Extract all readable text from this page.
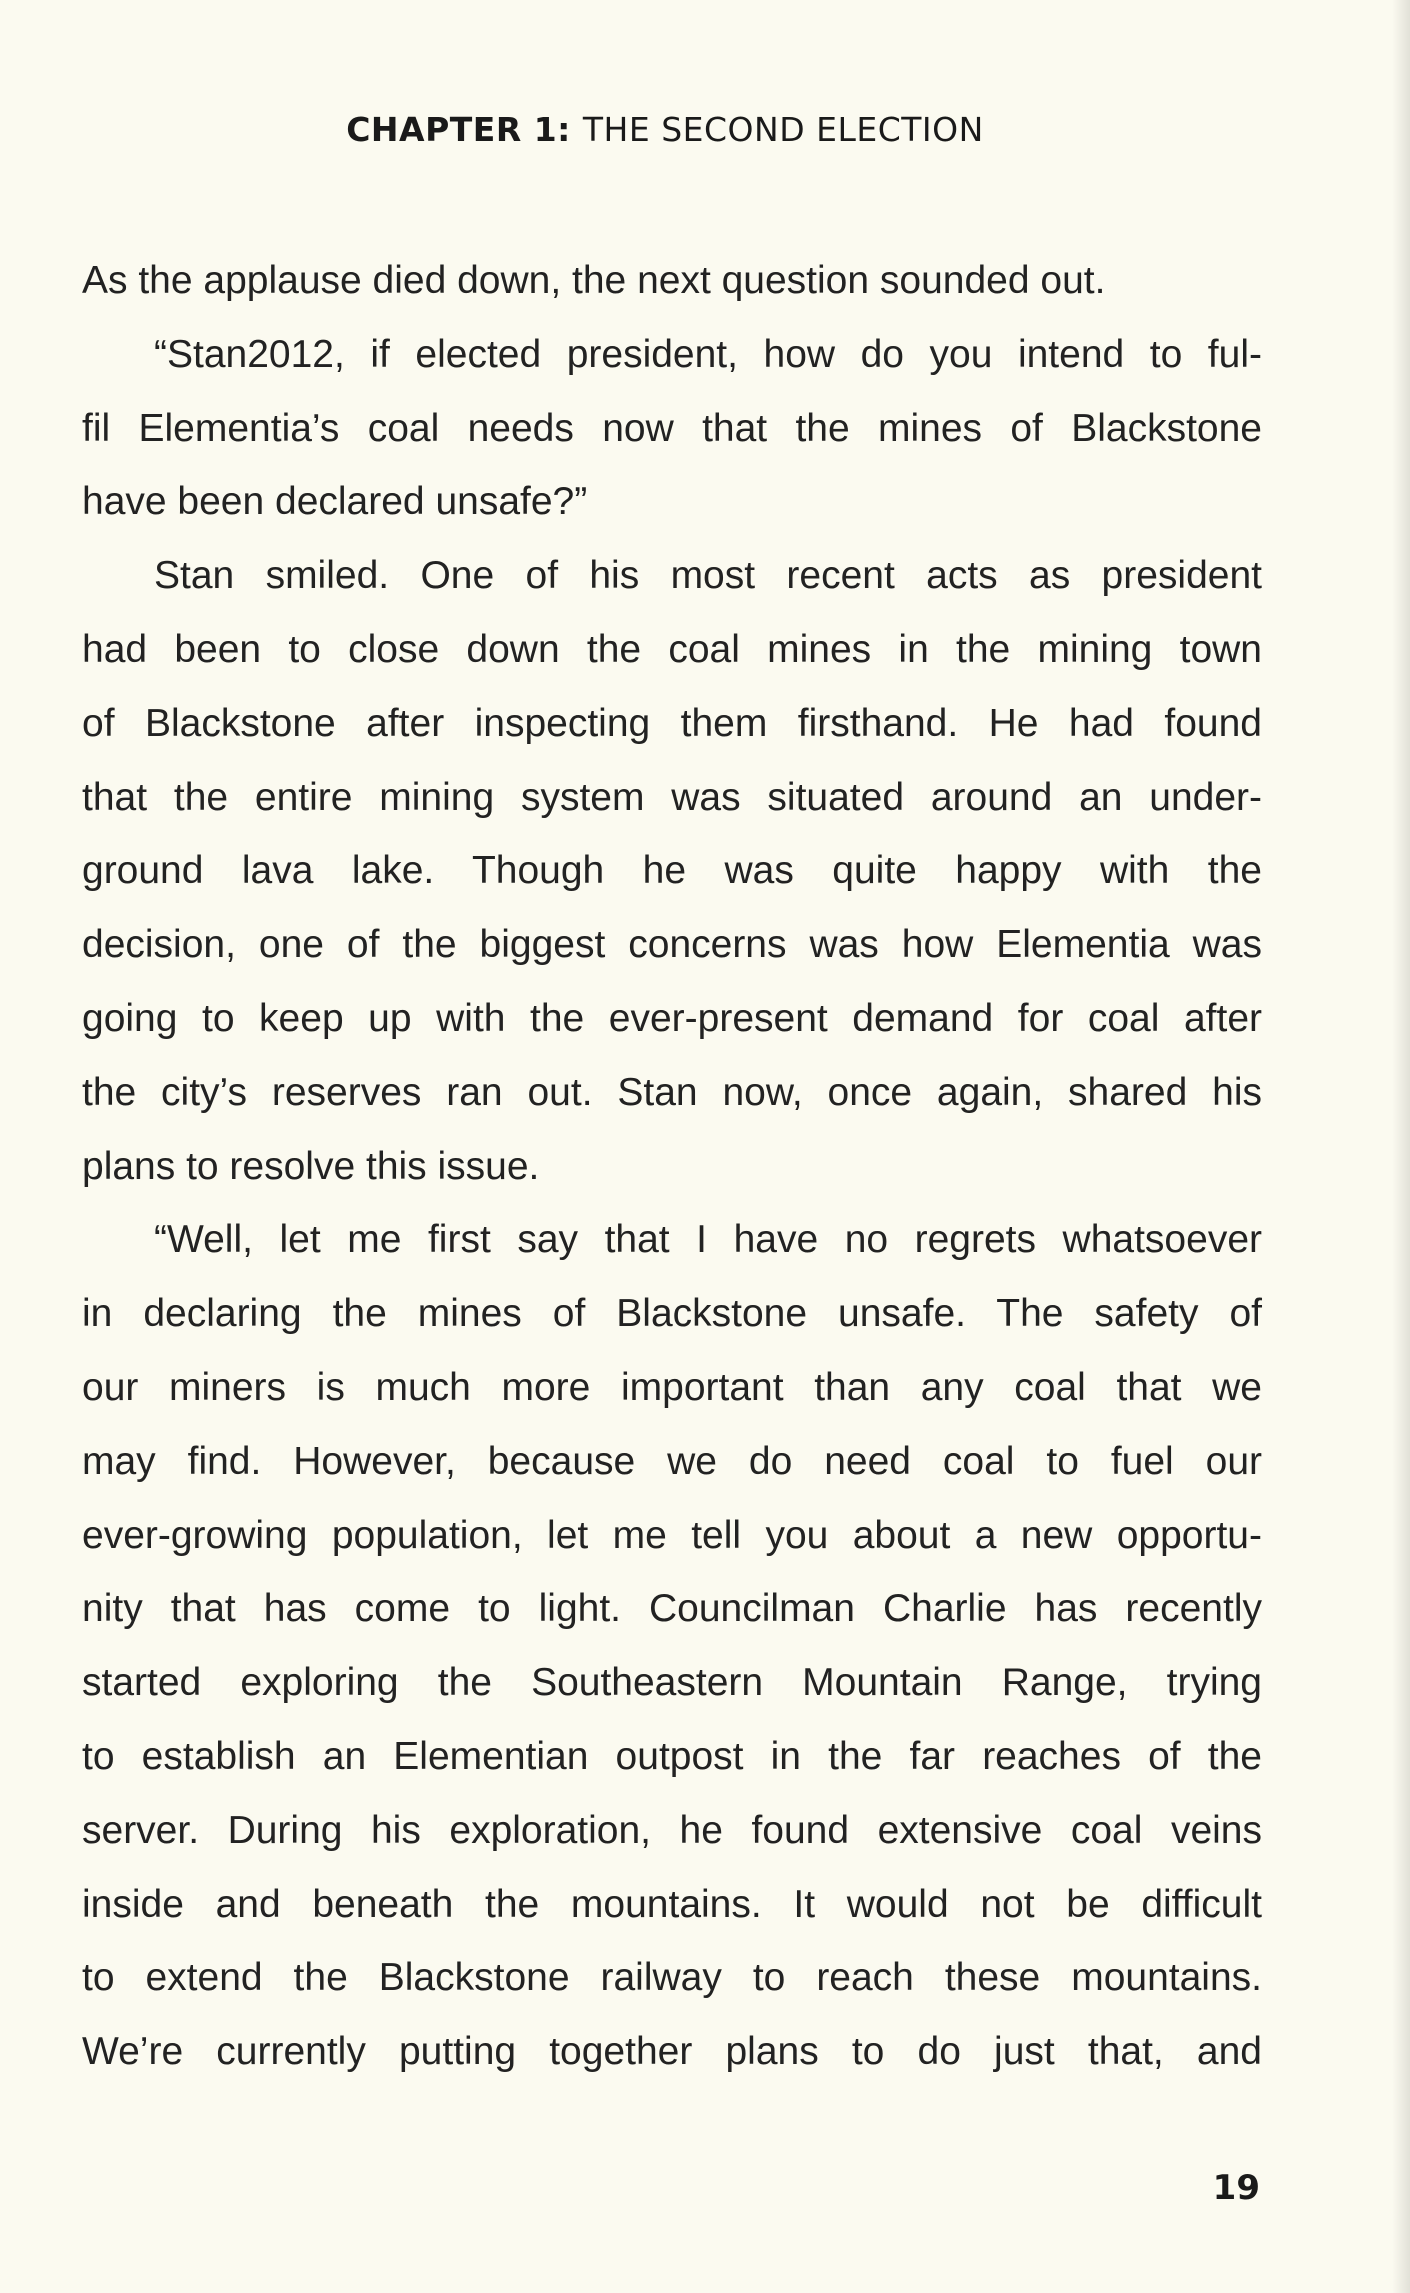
CHAPTER 1: THE SECOND ELECTION
As the applause died down, the next question sounded out.
“Stan2012, if elected president, how do you intend to ful-
fil Elementia’s coal needs now that the mines of Blackstone
have been declared unsafe?”
Stan smiled. One of his most recent acts as president
had been to close down the coal mines in the mining town
of Blackstone after inspecting them firsthand. He had found
that the entire mining system was situated around an under-
ground lava lake. Though he was quite happy with the
decision, one of the biggest concerns was how Elementia was
going to keep up with the ever-present demand for coal after
the city’s reserves ran out. Stan now, once again, shared his
plans to resolve this issue.
“Well, let me first say that I have no regrets whatsoever
in declaring the mines of Blackstone unsafe. The safety of
our miners is much more important than any coal that we
may find. However, because we do need coal to fuel our
ever-growing population, let me tell you about a new opportu-
nity that has come to light. Councilman Charlie has recently
started exploring the Southeastern Mountain Range, trying
to establish an Elementian outpost in the far reaches of the
server. During his exploration, he found extensive coal veins
inside and beneath the mountains. It would not be difficult
to extend the Blackstone railway to reach these mountains.
We’re currently putting together plans to do just that, and
19
